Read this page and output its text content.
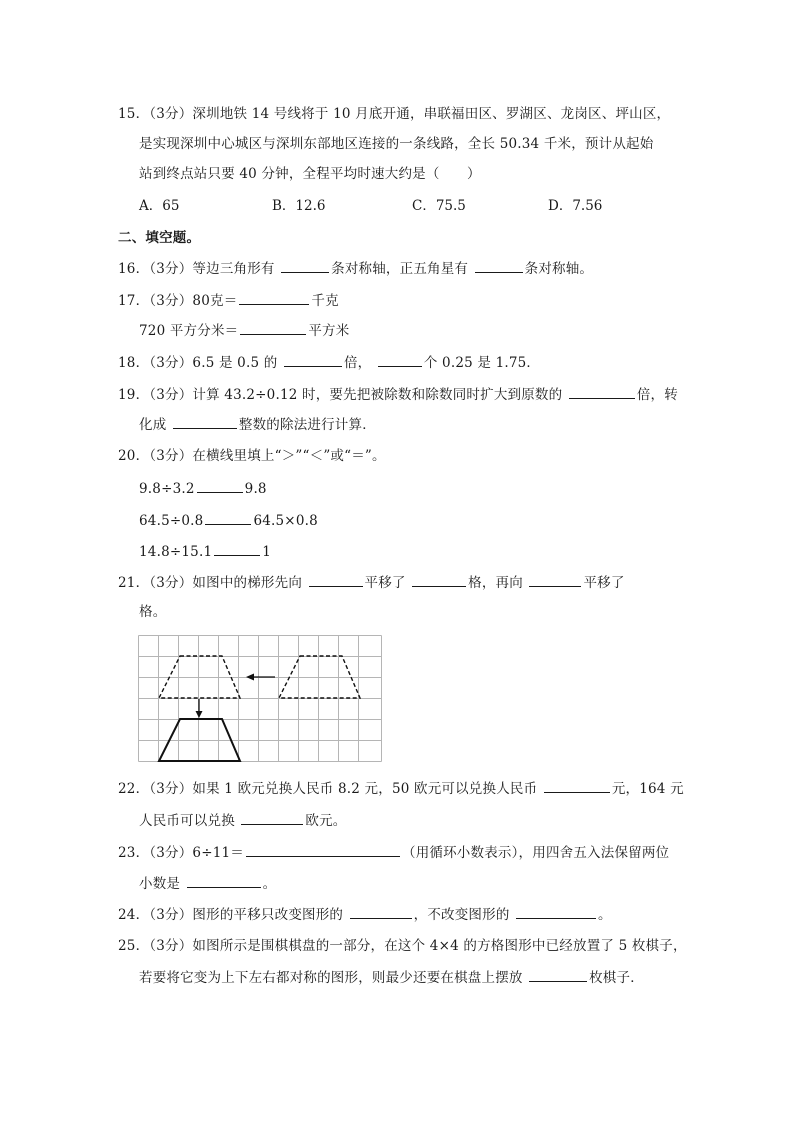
15．（3分）深圳地铁 14 号线将于 10 月底开通，串联福田区、罗湖区、龙岗区、坪山区，
是实现深圳中心城区与深圳东部地区连接的一条线路，全长 50.34 千米，预计从起始
站到终点站只要 40 分钟，全程平均时速大约是（　　）
A．65	B．12.6	C．75.5	D．7.56
二、填空题。
16．（3分）等边三角形有	条对称轴，正五角星有	条对称轴。
17．（3分）80克＝	千克
720 平方分米＝	平方米
18．（3分）6.5 是 0.5 的	倍，	个 0.25 是 1.75．
19．（3分）计算 43.2÷0.12 时，要先把被除数和除数同时扩大到原数的	倍，转
化成	整数的除法进行计算．
20．（3分）在横线里填上“＞”“＜”或“＝”。
9.8÷3.2	9.8
64.5÷0.8	64.5×0.8
14.8÷15.1	1
21．（3分）如图中的梯形先向	平移了	格，再向	平移了
格。
22．（3分）如果 1 欧元兑换人民币 8.2 元，50 欧元可以兑换人民币	元，164 元
人民币可以兑换	欧元。
23．（3分）6÷11＝	（用循环小数表示），用四舍五入法保留两位
小数是	。
24．（3分）图形的平移只改变图形的	，不改变图形的	。
25．（3分）如图所示是围棋棋盘的一部分，在这个 4×4 的方格图形中已经放置了 5 枚棋子，
若要将它变为上下左右都对称的图形，则最少还要在棋盘上摆放	枚棋子．
